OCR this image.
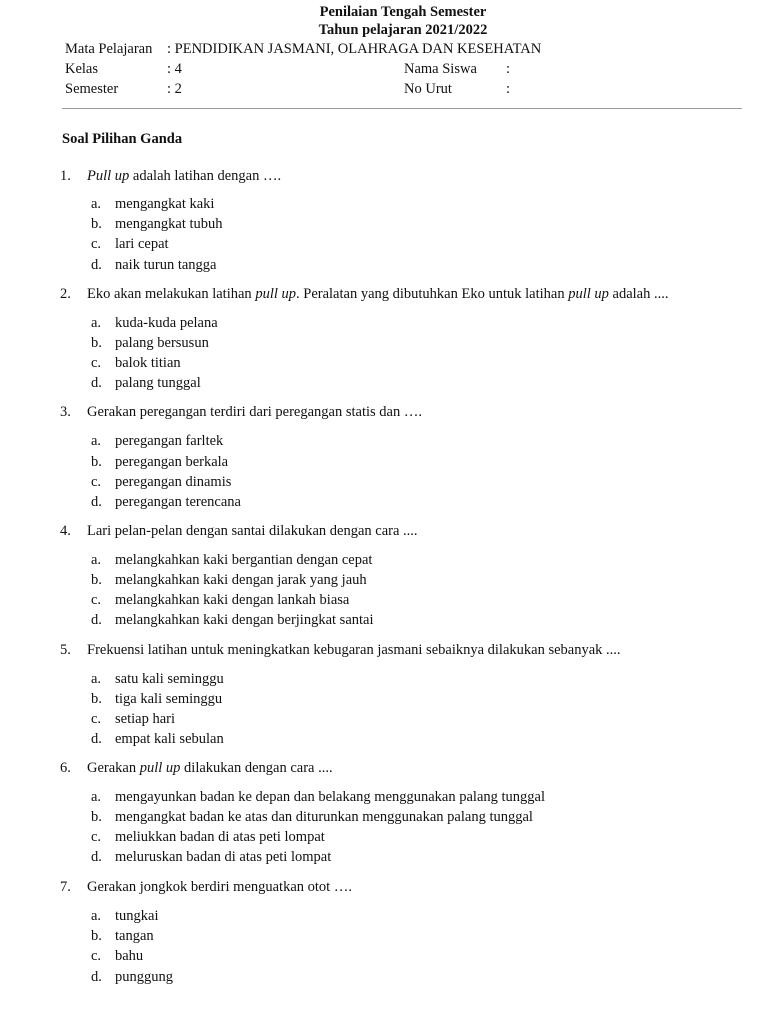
Penilaian Tengah Semester
Tahun pelajaran 2021/2022
Mata Pelajaran : PENDIDIKAN JASMANI, OLAHRAGA DAN KESEHATAN
Kelas	: 4	Nama Siswa :
Semester	: 2	No Urut	:
Soal Pilihan Ganda
1. Pull up adalah latihan dengan ….
a. mengangkat kaki
b. mengangkat tubuh
c. lari cepat
d. naik turun tangga
2. Eko akan melakukan latihan pull up. Peralatan yang dibutuhkan Eko untuk latihan pull up adalah ....
a. kuda-kuda pelana
b. palang bersusun
c. balok titian
d. palang tunggal
3. Gerakan peregangan terdiri dari peregangan statis dan ….
a. peregangan farltek
b. peregangan berkala
c. peregangan dinamis
d. peregangan terencana
4. Lari pelan-pelan dengan santai dilakukan dengan cara ....
a. melangkahkan kaki bergantian dengan cepat
b. melangkahkan kaki dengan jarak yang jauh
c. melangkahkan kaki dengan lankah biasa
d. melangkahkan kaki dengan berjingkat santai
5. Frekuensi latihan untuk meningkatkan kebugaran jasmani sebaiknya dilakukan sebanyak ....
a. satu kali seminggu
b. tiga kali seminggu
c. setiap hari
d. empat kali sebulan
6. Gerakan pull up dilakukan dengan cara ....
a. mengayunkan badan ke depan dan belakang menggunakan palang tunggal
b. mengangkat badan ke atas dan diturunkan menggunakan palang tunggal
c. meliukkan badan di atas peti lompat
d. meluruskan badan di atas peti lompat
7. Gerakan jongkok berdiri menguatkan otot ….
a. tungkai
b. tangan
c. bahu
d. punggung
